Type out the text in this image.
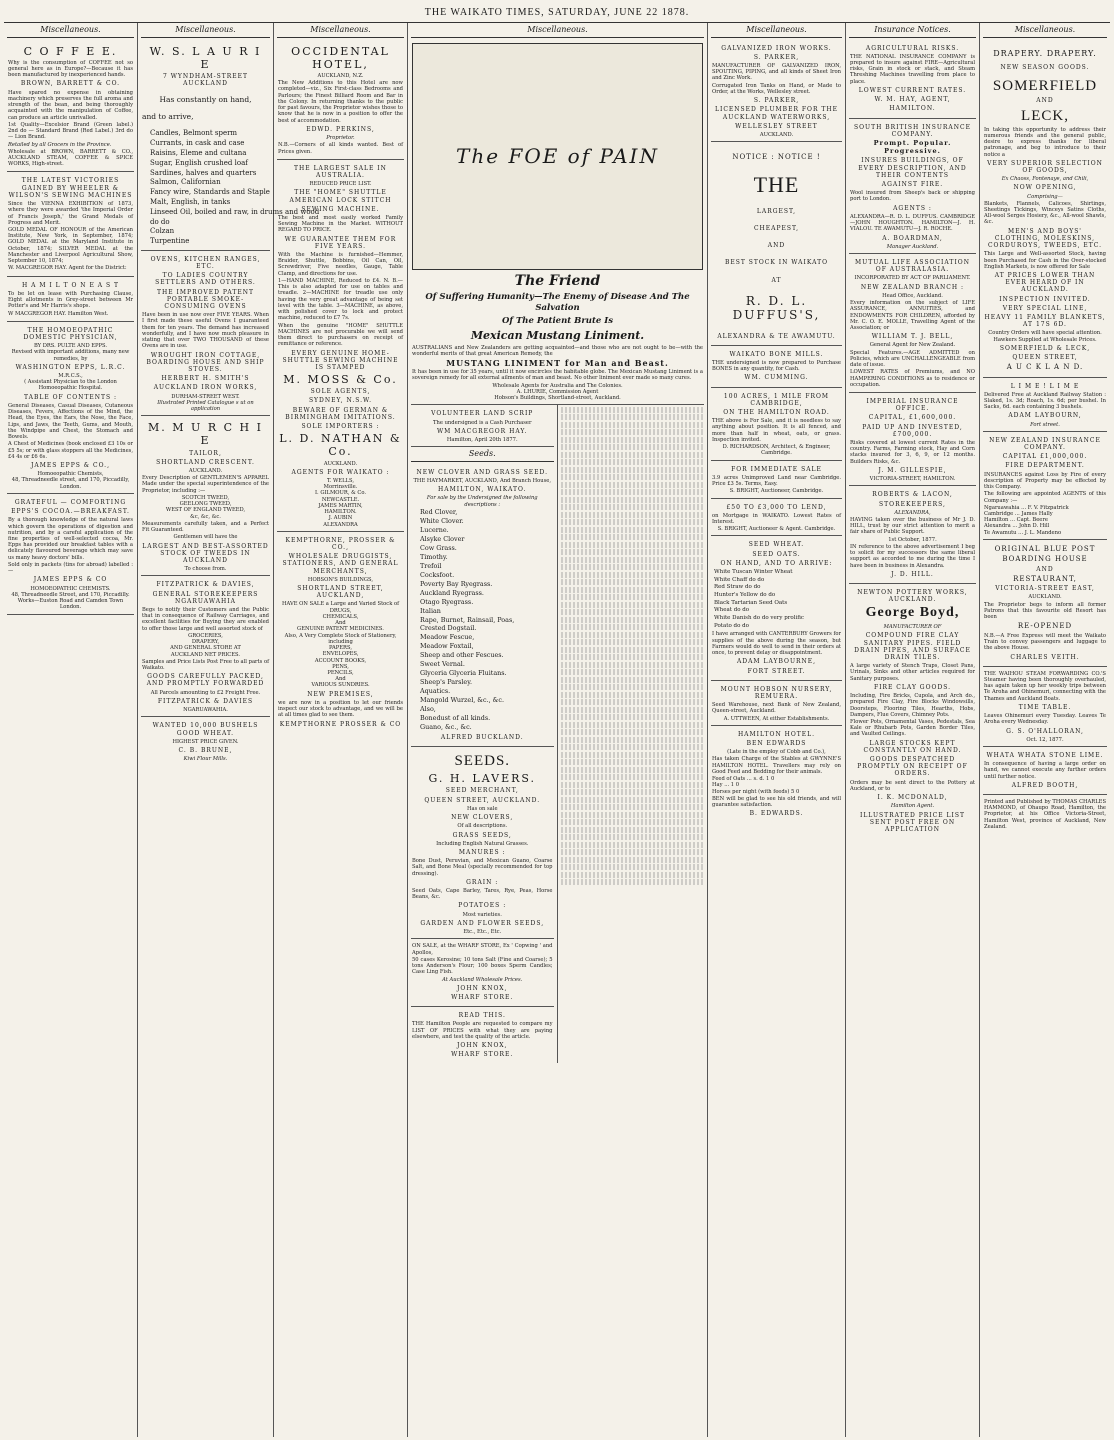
THE WAIKATO TIMES, SATURDAY, JUNE 22 1878.
Miscellaneous.
C O F F E E.

Why is the consumption of COFFEE not so general here as in Europe?—Because it has been manufactured by inexperienced hands.

BROWN, BARRETT & CO.

Have spared no expense in obtaining machinery which preserves the full aroma and strength of the bean, and being thoroughly acquainted with the manipulation of Coffee, can produce an article unrivalled.

1st Quality—Excelsior Brand (Green label.) 2nd do — Standard Brand (Red Label.) 3rd do — Lion Brand.

Retailed by all Grocers in the Province.

Wholesale at BROWN, BARRETT & CO., AUCKLAND STEAM, COFFEE & SPICE WORKS, High-street.

THE LATEST VICTORIES GAINED BY WHEELER & WILSON'S SEWING MACHINES

Since the VIENNA EXHIBITION of 1873, where they were awarded 'the Imperial Order of Francis Joseph,' the Grand Medals of Progress and Merit.

GOLD MEDAL OF HONOUR of the American Institute, New York, in September, 1874; GOLD MEDAL at the Maryland Institute in October, 1874; SILVER MEDAL at the Manchester and Liverpool Agricultural Show, September 10, 1874;

W. MACGREGOR HAY. Agent for the District:

H A M I L T O N E A S T

To be let on lease with Purchasing Clause, Eight allotments in Grey-street between Mr Potter's and Mr Harris's shops.

W MACGREGOR HAY. Hamilton West.

THE HOMOEOPATHIC DOMESTIC PHYSICIAN,
BY DRS. PULTE AND EPPS.
Revised with important additions, many new remedies, by
WASHINGTON EPPS, L.R.C.
M.R.C.S.,
( Assistant Physician to the London Homoeopathic Hospital.
TABLE OF CONTENTS :

General Diseases, Casual Diseases, Cutaneous Diseases, Fevers, Affections of the Mind, the Head, the Eyes, the Ears, the Nose, the Face, Lips, and Jaws, the Teeth, Gums, and Mouth, the Windpipe and Chest, the Stomach and Bowels.

A Chest of Medicines (book enclosed £3 10s or £5 5s; or with glass stoppers all the Medicines, £4 4s or £6 6s.

JAMES EPPS & CO.,
Homoeopathic Chemists,
48, Threadneedle street, and 170, Piccadilly, London.
GRATEFUL — COMFORTING
EPPS'S COCOA.—BREAKFAST.

By a thorough knowledge of the natural laws which govern the operations of digestion and nutrition, and by a careful application of the fine properties of well-selected cocoa, Mr. Epps has provided our breakfast tables with a delicately flavoured beverage which may save us many heavy doctors' bills.

Sold only in packets (tins for abroad) labelled :—

JAMES EPPS & CO
HOMOEOPATHIC CHEMISTS.
48, Threadneedle Street, and 170, Piccadilly.
Works—Euston Road and Camden Town London.
Miscellaneous.
W. S. L A U R I E
7 WYNDHAM-STREET AUCKLAND
Has constantly on hand,
and to arrive,
Candles, Belmont sperm
Currants, in cask and case
Raisins, Eleme and cultana
Sugar, English crushed loaf
Sardines, halves and quarters
Salmon, Californian
Fancy wire, Standards and Staple
Malt, English, in tanks
Linseed Oil, boiled and raw, in drums and wood
do do
Colzan
Turpentine
OVENS, KITCHEN RANGES, ETC.
TO LADIES COUNTRY SETTLERS AND OTHERS.
THE IMPROVED PATENT PORTABLE SMOKE-CONSUMING OVENS

Have been in use now over FIVE YEARS. When I first made these useful Ovens I guaranteed them for ten years. The demand has increased wonderfully, and I have now much pleasure in stating that over TWO THOUSAND of these Ovens are in use.

WROUGHT IRON COTTAGE, BOARDING HOUSE AND SHIP STOVES.
HERBERT H. SMITH'S
AUCKLAND IRON WORKS,
DURHAM-STREET WEST.
Illustrated Printed Catalogue s ut on application
M. M U R C H I E
TAILOR,
SHORTLAND CRESCENT.
AUCKLAND.

Every Description of GENTLEMEN'S APPAREL Made under the special superintendence of the Proprietor, including :—

SCOTCH TWEED,
GEELONG TWEED,
WEST OF ENGLAND TWEED,
&c, &c, &c.

Measurements carefully taken, and a Perfect Fit Guaranteed.

Gentlemen will have the
LARGEST AND BEST-ASSORTED STOCK OF TWEEDS IN AUCKLAND
To choose from.
FITZPATRICK & DAVIES,
GENERAL STOREKEEPERS NGARUAWAHIA

Begs to notify their Customers and the Public that in consequence of Railway Carriages, and excellent facilities for Buying they are enabled to offer those large and well assorted stock of

GROCERIES,
DRAPERY,
AND GENERAL STORE AT
AUCKLAND NET PRICES.

Samples and Price Lists Post Free to all parts of Waikato.

GOODS CAREFULLY PACKED, AND PROMPTLY FORWARDED
All Parcels amounting to £2 Freight Free.
FITZPATRICK & DAVIES
NGARUAWAHIA.
WANTED 10,000 BUSHELS GOOD WHEAT.
HIGHEST PRICE GIVEN.
C. B. BRUNE,
Kiwi Flour Mills.
Miscellaneous.
OCCIDENTAL HOTEL,
AUCKLAND, N.Z.

The New Additions to this Hotel are now completed—viz., Six First-class Bedrooms and Parlours; the Finest Billiard Room and Bar in the Colony. In returning thanks to the public for past favours, the Proprietor wishes those to know that he is now in a position to offer the best of accommodation.

EDWD. PERKINS,
Proprietor.

N.B.—Corners of all kinds wanted. Best of Prices given.

THE LARGEST SALE IN AUSTRALIA.
REDUCED PRICE LIST.
THE "HOME" SHUTTLE AMERICAN LOCK STITCH
SEWING MACHINE.

The best and most easily worked Family Sewing Machine in the Market. WITHOUT REGARD TO PRICE.

WE GUARANTEE THEM FOR FIVE YEARS.

With the Machine is furnished—Hemmer, Braider, Shuttle, Bobbins, Oil Can, Oil, Screwdriver, Five needles, Gauge, Table Clamp, and directions for use.

1—HAND MACHINE, Reduced to £4. N. B.—This is also adapted for use on tables and treadle. 2—MACHINE for treadle use only having the very great advantage of being set level with the table. 3—MACHINE, as above, with polished cover to lock and protect machine, reduced to £7 7s.

When the genuine "HOME" SHUTTLE MACHINES are not procurable we will send them direct to purchasers on receipt of remittance or reference.

EVERY GENUINE HOME-SHUTTLE SEWING MACHINE IS STAMPED
M. MOSS & Co.
SOLE AGENTS,
SYDNEY, N.S.W.
BEWARE OF GERMAN & BIRMINGHAM IMITATIONS.
SOLE IMPORTERS :
L. D. NATHAN & Co.
AUCKLAND.
AGENTS FOR WAIKATO :
T. WELLS,
Morrinsville.
I. GILMOUR, & Co.
NEWCASTLE.
JAMES MARTIN,
HAMILTON.
J. AUBIN
ALEXANDRA
KEMPTHORNE, PROSSER & CO.,
WHOLESALE DRUGGISTS, STATIONERS, AND GENERAL MERCHANTS,
HOBSON'S BUILDINGS,
SHORTLAND STREET, AUCKLAND,
HAVE ON SALE a Large and Varied Stock of
DRUGS,
CHEMICALS,
And
GENUINE PATENT MEDICINES.
Also, A Very Complete Stock of Stationery, including
PAPERS,
ENVELOPES,
ACCOUNT BOOKS,
PENS,
PENCILS,
And
VARIOUS SUNDRIES.
NEW PREMISES,

we are now in a position to let our friends inspect our stock to advantage, and we will be at all times glad to see them.

KEMPTHORNE PROSSER & CO
Miscellaneous.
The FOE of PAIN
The Friend
Of Suffering Humanity—The Enemy of Disease And The Salvation
Of The Patient Brute Is
Mexican Mustang Liniment.

AUSTRALIANS and New Zealanders are getting acquainted—and those who are not ought to be—with the wonderful merits of that great American Remedy, the

MUSTANG LINIMENT for Man and Beast.

It has been in use for 35 years, until it now encircles the habitable globe. The Mexican Mustang Liniment is a sovereign remedy for all external ailments of man and beast. No other liniment ever made so many cures.

Wholesale Agents for Australia and The Colonies.
A. LHURIE, Commission Agent
Hobson's Buildings, Shortland-street, Auckland.
VOLUNTEER LAND SCRIP
The undersigned is a Cash Purchaser
WM MACGREGOR HAY.
Hamilton, April 20th 1877.
Seeds.
NEW CLOVER AND GRASS SEED.
THE HAYMARKET, AUCKLAND, And Branch House,
HAMILTON, WAIKATO.
For sale by the Undersigned the following descriptions :
Red Clover,
White Clover.
Lucerne.
Alsyke Clover
Cow Grass.
Timothy.
Trefoil
Cocksfoot.
Poverty Bay Ryegrass.
Auckland Ryegrass.
Otago Ryegrass.
Italian
Rape, Burnet, Rainsail, Poas,
Crested Dogstail.
Meadow Fescue,
Meadow Foxtail,
Sheep and other Fescues.
Sweet Vernal.
Glyceria Glyceria Fluitans.
Sheep's Parsley.
Aquatics.
Mangold Wurzel, &c., &c.
Also,
Bonedust of all kinds.
Guano, &c., &c.
ALFRED BUCKLAND.
SEEDS.
G. H. LAVERS.
SEED MERCHANT,
QUEEN STREET, AUCKLAND.
Has on sale
NEW CLOVERS,
Of all descriptions.
GRASS SEEDS,
Including English Natural Grasses.
MANURES :

Bone Dust, Peruvian, and Mexican Guano, Coarse Salt, and Bone Meal (specially recommended for top dressing).

GRAIN :

Seed Oats, Cape Barley, Tares, Rye, Peas, Horse Beans, &c.

POTATOES :
Most varieties.
GARDEN AND FLOWER SEEDS,
Etc., Etc., Etc.

ON SALE, at the WHARF STORE, Ex ' Copwing ' and Apollos,

50 cases Kerosine; 10 tons Salt (Fine and Coarse); 5 tons Anderson's Flour; 100 boxes Sperm Candles; Case Ling Fish.

At Auckland Wholesale Prices.
JOHN KNOX,
WHARF STORE.
READ THIS.

THE Hamilton People are requested to compare my LIST OF PRICES with what they are paying elsewhere, and test the quality of the article.

JOHN KNOX,
WHARF STORE.
Miscellaneous.
GALVANIZED IRON WORKS.
S. PARKER,

MANUFACTURER OF GALVANIZED IRON, SPOUTING, PIPING, and all kinds of Sheet Iron and Zinc Work.

Corrugated Iron Tanks on Hand, or Made to Order, at the Works, Wellesley street.

S. PARKER,
LICENSED PLUMBER FOR THE AUCKLAND WATERWORKS,
WELLESLEY STREET
AUCKLAND.
NOTICE : NOTICE !
THE
LARGEST,
CHEAPEST,
AND
BEST STOCK IN WAIKATO
AT
R. D. L. DUFFUS'S,
ALEXANDRA & TE AWAMUTU.
WAIKATO BONE MILLS.

THE undersigned is now prepared to Purchase BONES in any quantity, for Cash.

WM. CUMMING.
100 ACRES, 1 MILE FROM CAMBRIDGE,
ON THE HAMILTON ROAD.

THE above is For Sale, and it is needless to say anything about position. It is all fenced, and more than half in wheat, oats, or grass. Inspection invited.

D. RICHARDSON, Architect, & Engineer, Cambridge.
FOR IMMEDIATE SALE

3.9 acres Unimproved Land near Cambridge. Price £3 5s. Terms, Easy.

S. BRIGHT, Auctioneer, Cambridge.
£50 TO £3,000 TO LEND,

on Mortgage in WAIKATO. Lowest Rates of Interest.

S. BRIGHT, Auctioneer & Agent. Cambridge.
SEED WHEAT.
SEED OATS.
ON HAND, AND TO ARRIVE:
White Tuscan Winter Wheat
White Chaff do do
Red Straw do do
Hunter's Yellow do do
Black Tartarian Seed Oats
Wheat do do
White Danish do do very prolific
Potato do do

I have arranged with CANTERBURY Growers for supplies of the above during the season, but Farmers would do well to send in their orders at once, to prevent delay or disappointment.

ADAM LAYBOURNE,
FORT STREET.
MOUNT HOBSON NURSERY, REMUERA.

Seed Warehouse, next Bank of New Zealand, Queen-street, Auckland.

A. UTTWEEN, At either Establishments.
HAMILTON HOTEL.
BEN EDWARDS
(Late in the employ of Cobb and Co.),

Has taken Charge of the Stables at GWYNNE'S HAMILTON HOTEL. Travellers may rely on Good Feed and Bedding for their animals.

Feed of Oats ... s. d. 1 0
Hay ... 1 0
Horses per night (with feeds) 5 0

BEN will be glad to see his old friends, and will guarantee satisfaction.

B. EDWARDS.
Insurance Notices.
AGRICULTURAL RISKS.

THE NATIONAL INSURANCE COMPANY is prepared to insure against FIRE—Agricultural risks, Grain in stock or stack, and Steam Threshing Machines travelling from place to place.

LOWEST CURRENT RATES.
W. M. HAY, AGENT,
HAMILTON.
SOUTH BRITISH INSURANCE COMPANY.
Prompt. Popular. Progressive.
INSURES BUILDINGS, OF EVERY DESCRIPTION, AND THEIR CONTENTS
AGAINST FIRE.

Wool insured from Sheep's back or shipping port to London.

AGENTS :

ALEXANDRA—R. D. L. DUFFUS. CAMBRIDGE—JOHN HOUGHTON. HAMILTON—J. H. VIALOU. TE AWAMUTU—J. R. ROCHE.

A. BOARDMAN,
Manager Auckland.
MUTUAL LIFE ASSOCIATION OF AUSTRALASIA.
INCORPORATED BY ACT OF PARLIAMENT.
NEW ZEALAND BRANCH :
Head Office, Auckland.

Every information on the subject of LIFE ASSURANCE, ANNUITIES, and ENDOWMENTS FOR CHILDREN, afforded by Mr. C. O. E. MOLLE, Travelling Agent of the Association; or

WILLIAM T. J. BELL,
General Agent for New Zealand.

Special Features.—AGE ADMITTED on Policies, which are UNCHALLENGEABLE from date of issue.

LOWEST RATES of Premiums, and NO HAMPERING CONDITIONS as to residence or occupation.

IMPERIAL INSURANCE OFFICE.
CAPITAL, £1,600,000.
PAID UP AND INVESTED, £700,000.

Risks covered at lowest current Rates in the country. Farms, Farming stock, Hay and Corn stacks insured for 3, 6, 9, or 12 months. Builders Risks, &c.

J. M. GILLESPIE,
VICTORIA-STREET, HAMILTON.
ROBERTS & LACON,
STOREKEEPERS,
ALEXANDRA,

HAVING taken over the business of Mr J. D. HILL, trust by our strict attention to merit a fair share of Public Support.

1st October, 1877.

IN reference to the above advertisement I beg to solicit for my successors the same liberal support as accorded to me during the time I have been in business in Alexandra.

J. D. HILL.
NEWTON POTTERY WORKS, AUCKLAND.
George Boyd,
MANUFACTURER OF
COMPOUND FIRE CLAY SANITARY PIPES. FIELD DRAIN PIPES, AND SURFACE DRAIN TILES.

A large variety of Stench Traps, Closet Pans, Urinals, Sinks and other articles required for Sanitary purposes.

FIRE CLAY GOODS.

Including, Fire Bricks, Cupola, and Arch do., prepared Fire Clay, Fire Blocks Windowsills, Doorsteps, Flooring Tiles, Hearths, Hobs, Dampers, Flue Covers, Chimney Pots.

Flower Pots, Ornamental Vases, Pedestals, Sea Kale or Rhubarb Pots, Garden Border Tiles, and Vaulted Ceilings.

LARGE STOCKS KEPT CONSTANTLY ON HAND.
GOODS DESPATCHED PROMPTLY ON RECEIPT OF ORDERS.

Orders may be sent direct to the Pottery at Auckland, or to

I. K. MCDONALD,
Hamilton Agent.
ILLUSTRATED PRICE LIST SENT POST FREE ON APPLICATION
Miscellaneous.
DRAPERY. DRAPERY.
NEW SEASON GOODS.
SOMERFIELD
AND
LECK,

In taking this opportunity to address their numerous friends and the general public, desire to express thanks for liberal patronage, and beg to introduce to their notice a

VERY SUPERIOR SELECTION OF GOODS,
Ex Chaoss, Fontenaye, and Chili,
NOW OPENING,
Comprising—

Blankets, Flannels, Calicoes, Shirtings, Sheetings Tickings, Winceys Satins Cloths, All-wool Serges Hosiery, &c., All-wool Shawls, &c.

MEN'S AND BOYS' CLOTHING, MOLESKINS, CORDUROYS, TWEEDS, ETC.

This Large and Well-assorted Stock, having been Purchased for Cash in the Over-stocked English Markets, is now offered for Sale

AT PRICES LOWER THAN EVER HEARD OF IN AUCKLAND.
INSPECTION INVITED.
VERY SPECIAL LINE,
HEAVY 11 FAMILY BLANKETS, AT 17S 6D.
Country Orders will have special attention.
Hawkers Supplied at Wholesale Prices.
SOMERFIELD & LECK,
QUEEN STREET,
A U C K L A N D.
L I M E ! L I M E

Delivered Free at Auckland Railway Station : Slaked, 1s. 3d; Roach, 1s. 6d; per bushel. In Sacks, 6d. each containing 3 bushels.

ADAM LAYBOURN,
Fort street.
NEW ZEALAND INSURANCE COMPANY.
CAPITAL £1,000,000.
FIRE DEPARTMENT.

INSURANCES against Loss by Fire of every description of Property may be effected by this Company.

The following are appointed AGENTS of this Company :—

Ngaruawahia ... F. V. Fitzpatrick
Cambridge ... James Hally
Hamilton ... Capt. Beere
Alexandra ... John D. Hill
Te Awamutu ... J. L. Mandeno
ORIGINAL BLUE POST
BOARDING HOUSE
AND
RESTAURANT,
VICTORIA-STREET EAST,
AUCKLAND.

The Proprietor begs to inform all former Patrons that this favourite old Resort has been

RE-OPENED

N.B.—A Free Express will meet the Waikato Train to convey passengers and luggage to the above House.

CHARLES VEITH.

THE WAIHOU STEAM FORWARDING CO.'S Steamer having been thoroughly overhauled, has again taken up her weekly trips between Te Aroha and Ohinemuri, connecting with the Thames and Auckland Boats.

TIME TABLE.

Leaves Ohinemuri every Tuesday. Leaves Te Aroha every Wednesday.

G. S. O'HALLORAN,
Oct. 12, 1877.
WHATA WHATA STONE LIME.

In consequence of having a large order on hand, we cannot execute any further orders until further notice.

ALFRED BOOTH,

Printed and Published by THOMAS CHARLES HAMMOND, of Ohaupo Road, Hamilton, the Proprietor, at his Office Victoria-Street, Hamilton West, province of Auckland, New Zealand.
